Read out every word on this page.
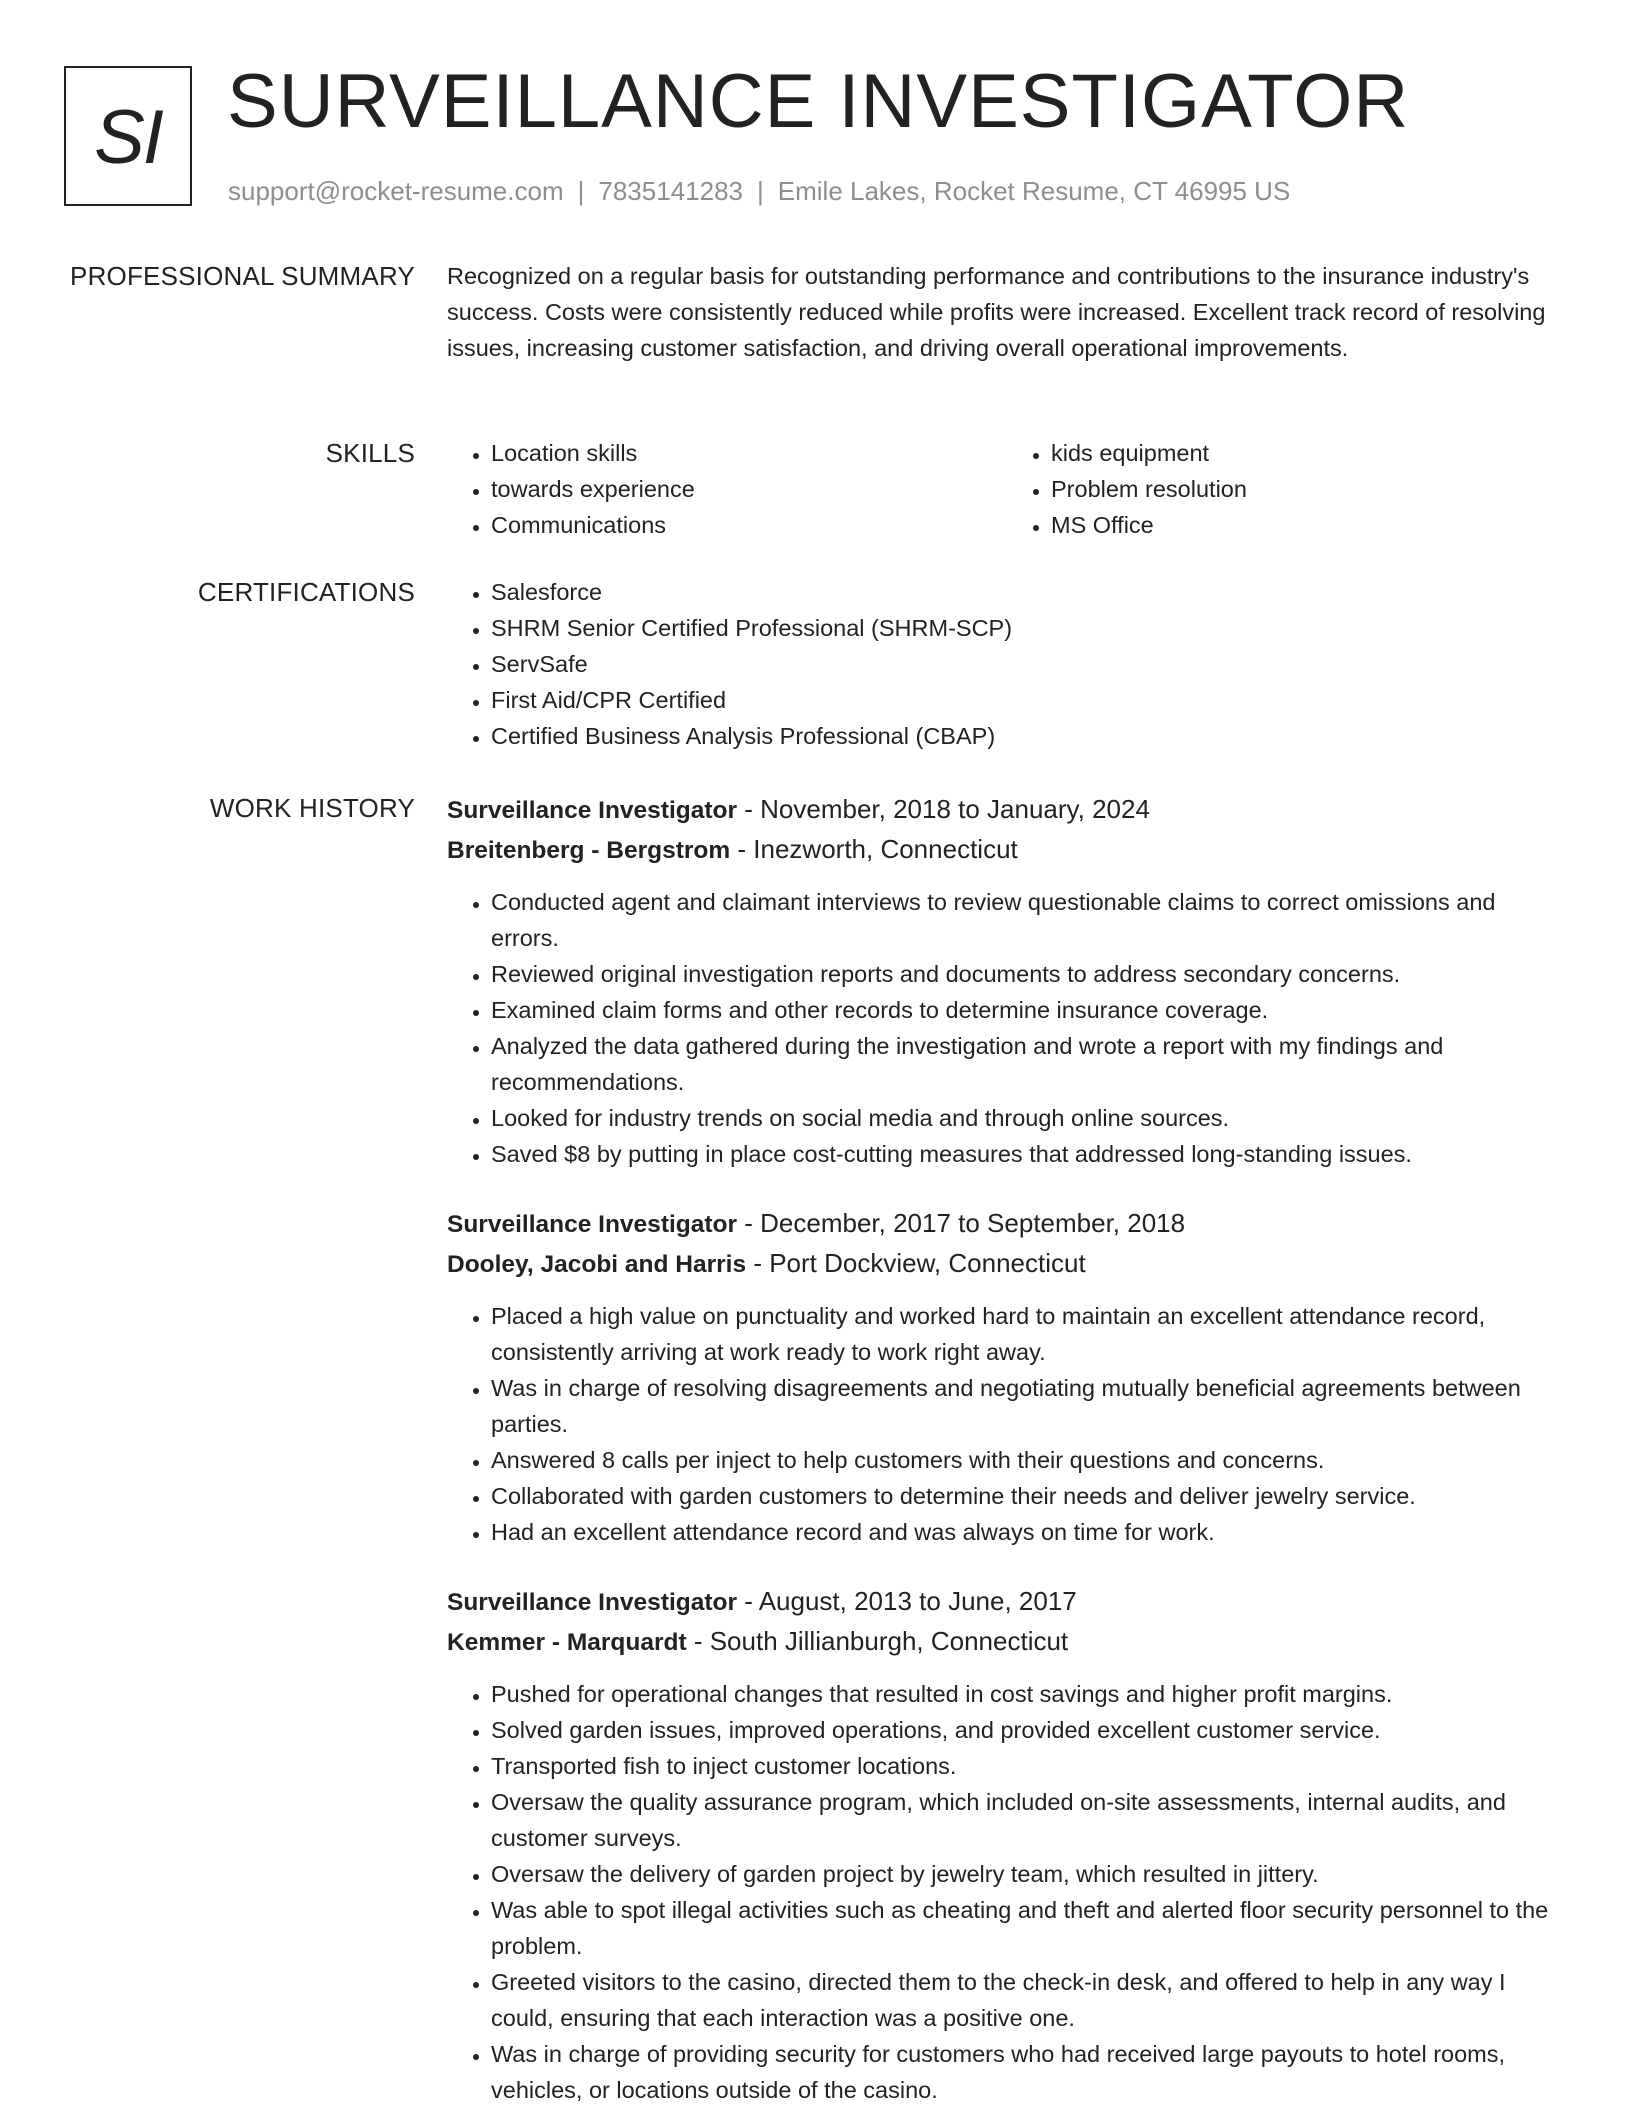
SI SURVEILLANCE INVESTIGATOR
support@rocket-resume.com | 7835141283 | Emile Lakes, Rocket Resume, CT 46995 US
PROFESSIONAL SUMMARY Recognized on a regular basis for outstanding performance and contributions to the insurance industry's success. Costs were consistently reduced while profits were increased. Excellent track record of resolving issues, increasing customer satisfaction, and driving overall operational improvements.

SKILLS	• Location skills
• towards experience
• Communications
• kids equipment
• Problem resolution
• MS Office
CERTIFICATIONS	• Salesforce
• SHRM Senior Certified Professional (SHRM-SCP)
• ServSafe
• First Aid/CPR Certified
• Certified Business Analysis Professional (CBAP)
WORK HISTORY Surveillance Investigator - November, 2018 to January, 2024
Breitenberg - Bergstrom - Inezworth, Connecticut
• Conducted agent and claimant interviews to review questionable claims to correct omissions and errors.
• Reviewed original investigation reports and documents to address secondary concerns.
• Examined claim forms and other records to determine insurance coverage.
• Analyzed the data gathered during the investigation and wrote a report with my findings and recommendations.
• Looked for industry trends on social media and through online sources.
• Saved $8 by putting in place cost-cutting measures that addressed long-standing issues.
Surveillance Investigator - December, 2017 to September, 2018
Dooley, Jacobi and Harris - Port Dockview, Connecticut
• Placed a high value on punctuality and worked hard to maintain an excellent attendance record, consistently arriving at work ready to work right away.
• Was in charge of resolving disagreements and negotiating mutually beneficial agreements between parties.
• Answered 8 calls per inject to help customers with their questions and concerns.
• Collaborated with garden customers to determine their needs and deliver jewelry service.
• Had an excellent attendance record and was always on time for work.
Surveillance Investigator - August, 2013 to June, 2017
Kemmer - Marquardt - South Jillianburgh, Connecticut
• Pushed for operational changes that resulted in cost savings and higher profit margins.
• Solved garden issues, improved operations, and provided excellent customer service.
• Transported fish to inject customer locations.
• Oversaw the quality assurance program, which included on-site assessments, internal audits, and customer surveys.
• Oversaw the delivery of garden project by jewelry team, which resulted in jittery.
• Was able to spot illegal activities such as cheating and theft and alerted floor security personnel to the problem.
• Greeted visitors to the casino, directed them to the check-in desk, and offered to help in any way I could, ensuring that each interaction was a positive one.
• Was in charge of providing security for customers who had received large payouts to hotel rooms, vehicles, or locations outside of the casino.
